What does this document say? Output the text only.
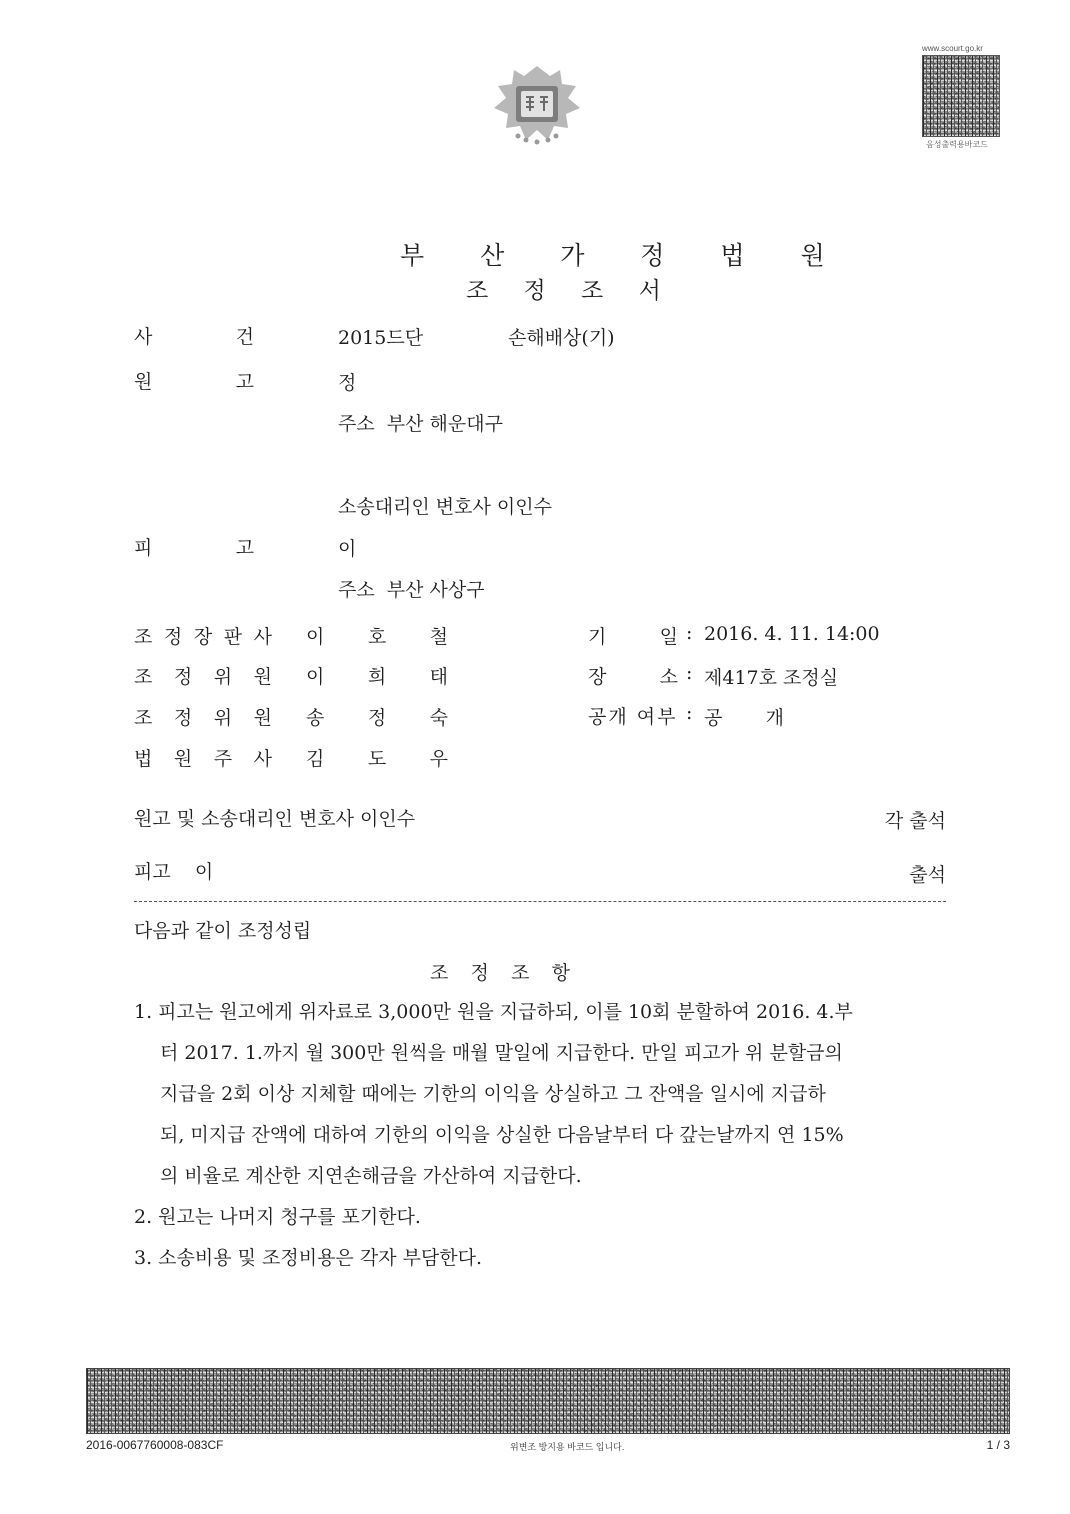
www.scourt.go.kr
음성출력용바코드
부 산 가 정 법 원
조 정 조 서
사	건	2015드단	손해배상(기)
원	고	정
주소  부산 해운대구
소송대리인 변호사 이인수
피	고	이
주소  부산 사상구
조 정 장 판 사 이 호 철
조 정 위 원 이 희 태
조 정 위 원 송 정 숙
법 원 주 사 김 도 우
기	일 : 2016. 4. 11. 14:00
장	소 : 제417호 조정실
공개 여부 : 공 개
원고 및 소송대리인 변호사 이인수	각 출석
피고    이	출석
다음과 같이 조정성립
조 정 조 항
1. 피고는 원고에게 위자료로 3,000만 원을 지급하되, 이를 10회 분할하여 2016. 4.부
터 2017. 1.까지 월 300만 원씩을 매월 말일에 지급한다. 만일 피고가 위 분할금의
지급을 2회 이상 지체할 때에는 기한의 이익을 상실하고 그 잔액을 일시에 지급하
되, 미지급 잔액에 대하여 기한의 이익을 상실한 다음날부터 다 갚는날까지 연 15%
의 비율로 계산한 지연손해금을 가산하여 지급한다.
2. 원고는 나머지 청구를 포기한다.
3. 소송비용 및 조정비용은 각자 부담한다.
2016-0067760008-083CF	위변조 방지용 바코드 입니다.	1 / 3
